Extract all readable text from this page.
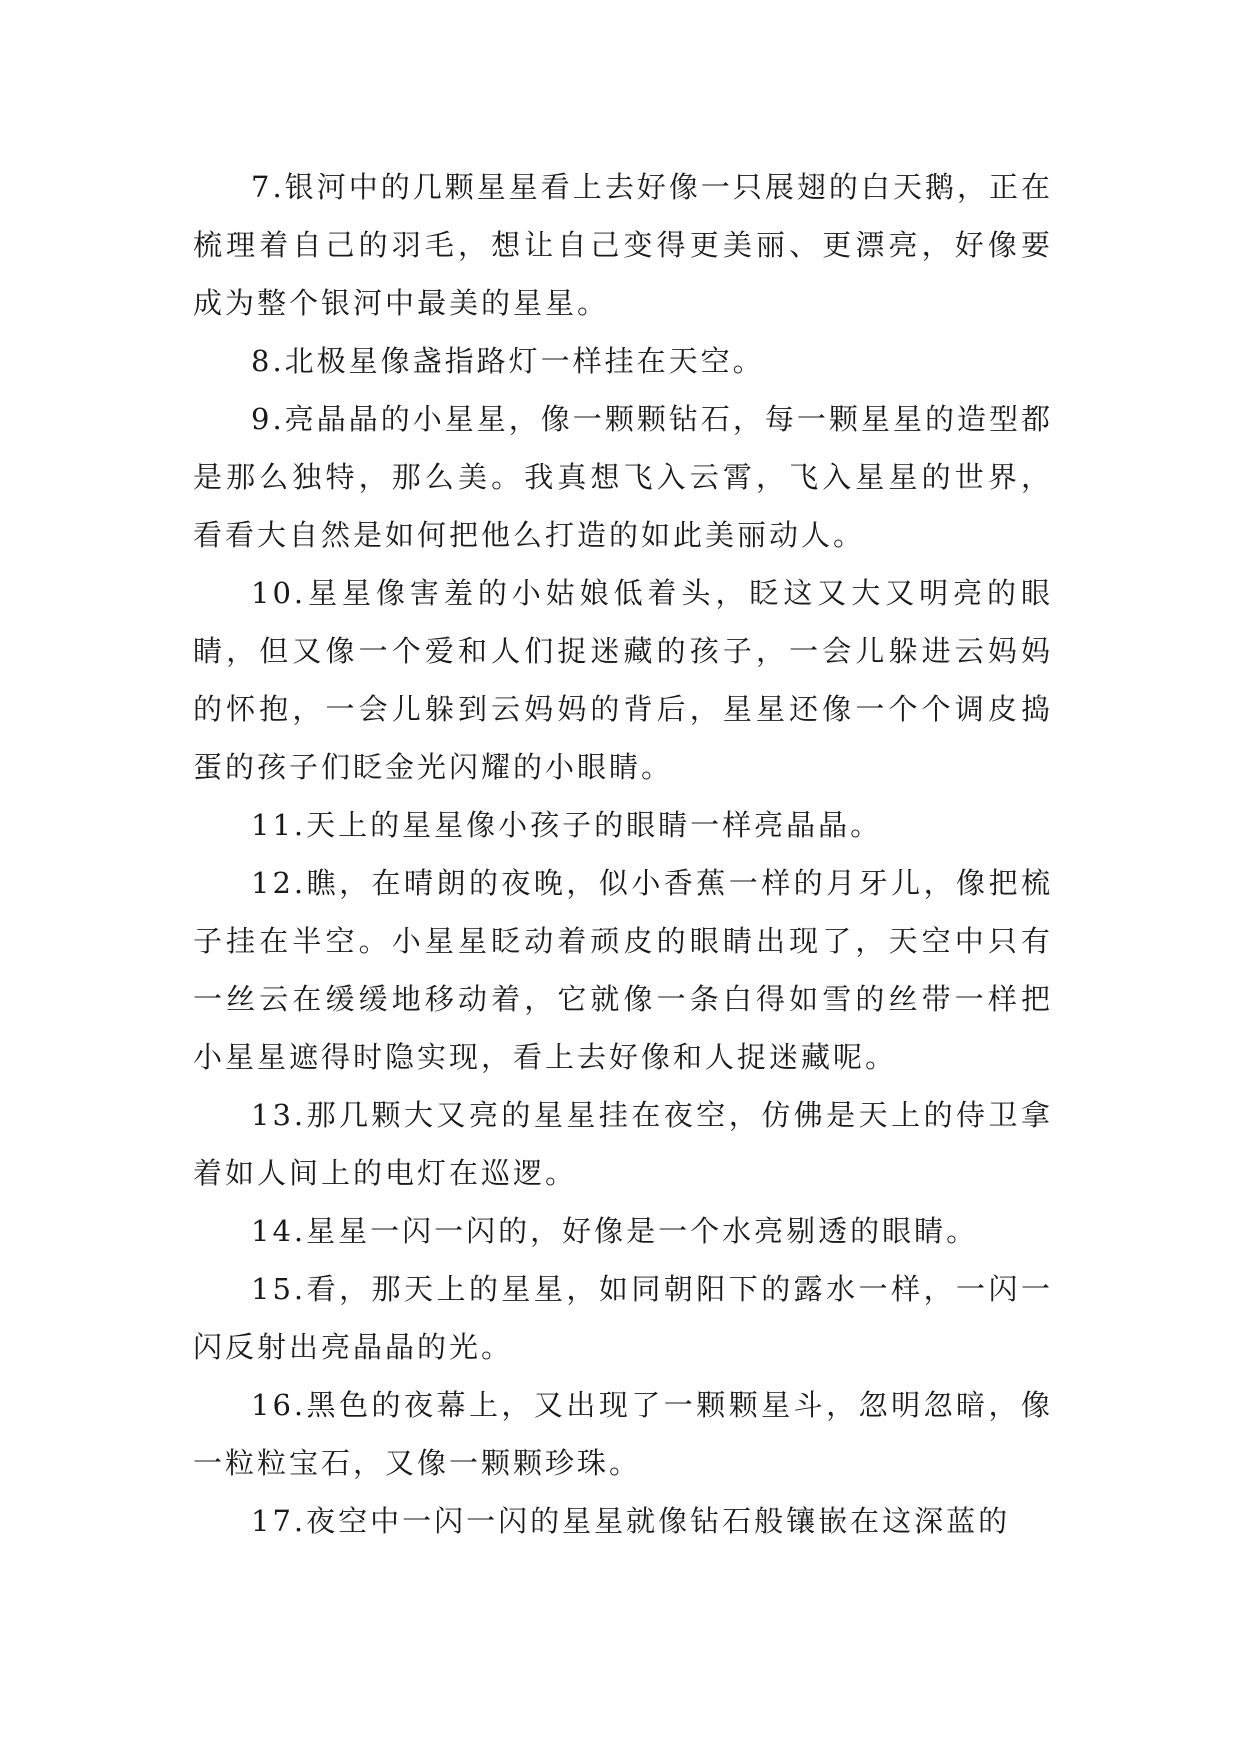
7.银河中的几颗星星看上去好像一只展翅的白天鹅，正在梳理着自己的羽毛，想让自己变得更美丽、更漂亮，好像要成为整个银河中最美的星星。

8.北极星像盏指路灯一样挂在天空。

9.亮晶晶的小星星，像一颗颗钻石，每一颗星星的造型都是那么独特，那么美。我真想飞入云霄，飞入星星的世界，看看大自然是如何把他么打造的如此美丽动人。

10.星星像害羞的小姑娘低着头，眨这又大又明亮的眼睛，但又像一个爱和人们捉迷藏的孩子，一会儿躲进云妈妈的怀抱，一会儿躲到云妈妈的背后，星星还像一个个调皮捣蛋的孩子们眨金光闪耀的小眼睛。

11.天上的星星像小孩子的眼睛一样亮晶晶。

12.瞧，在晴朗的夜晚，似小香蕉一样的月牙儿，像把梳子挂在半空。小星星眨动着顽皮的眼睛出现了，天空中只有一丝云在缓缓地移动着，它就像一条白得如雪的丝带一样把小星星遮得时隐实现，看上去好像和人捉迷藏呢。

13.那几颗大又亮的星星挂在夜空，仿佛是天上的侍卫拿着如人间上的电灯在巡逻。

14.星星一闪一闪的，好像是一个水亮剔透的眼睛。

15.看，那天上的星星，如同朝阳下的露水一样，一闪一闪反射出亮晶晶的光。

16.黑色的夜幕上，又出现了一颗颗星斗，忽明忽暗，像一粒粒宝石，又像一颗颗珍珠。

17.夜空中一闪一闪的星星就像钻石般镶嵌在这深蓝的
